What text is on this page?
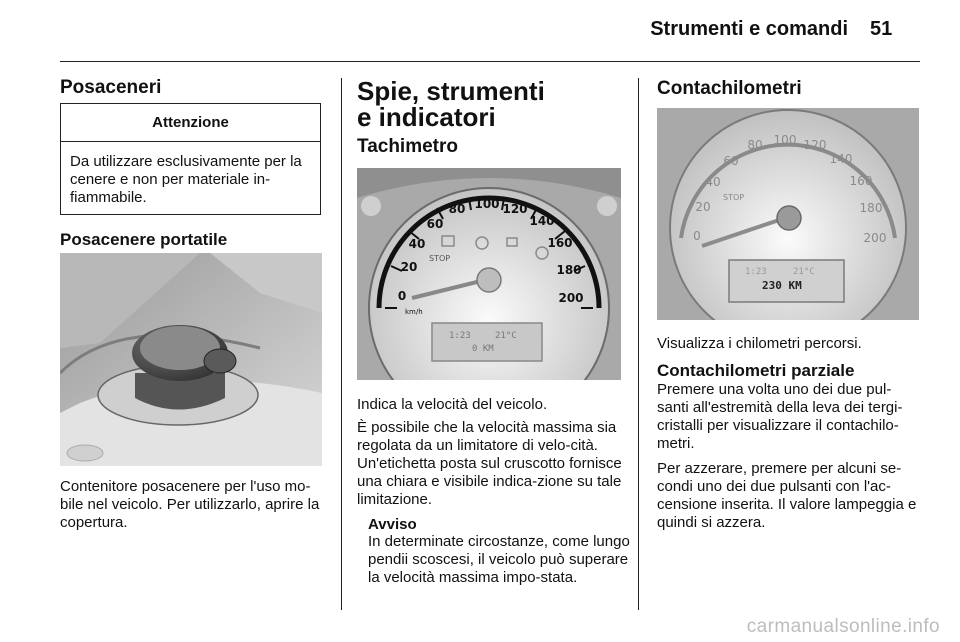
Strumenti e comandi 51
Posaceneri
Attenzione
Da utilizzare esclusivamente per la cenere e non per materiale in-fiammabile.
Posacenere portatile

Contenitore posacenere per l'uso mo-bile nel veicolo. Per utilizzarlo, aprire la copertura.

Spie, strumenti
e indicatori
Tachimetro
0
20
40
60
80 100 120
140
160
180
200
km/h
STOP
1:23	21°C
0 KM

Indica la velocità del veicolo.

È possibile che la velocità massima sia regolata da un limitatore di velo-cità. Un'etichetta posta sul cruscotto fornisce una chiara e visibile indica-zione su tale limitazione.

Avviso

In determinate circostanze, come lungo pendii scoscesi, il veicolo può superare la velocità massima impo-stata.

Contachilometri
0
20
40
60
80 100 120
140
160
180
200
STOP
1:23	21°C
230 KM

Visualizza i chilometri percorsi.

Contachilometri parziale

Premere una volta uno dei due pul-santi all'estremità della leva dei tergi-cristalli per visualizzare il contachilo-metri.

Per azzerare, premere per alcuni se-condi uno dei due pulsanti con l'ac-censione inserita. Il valore lampeggia e quindi si azzera.

carmanualsonline.info
